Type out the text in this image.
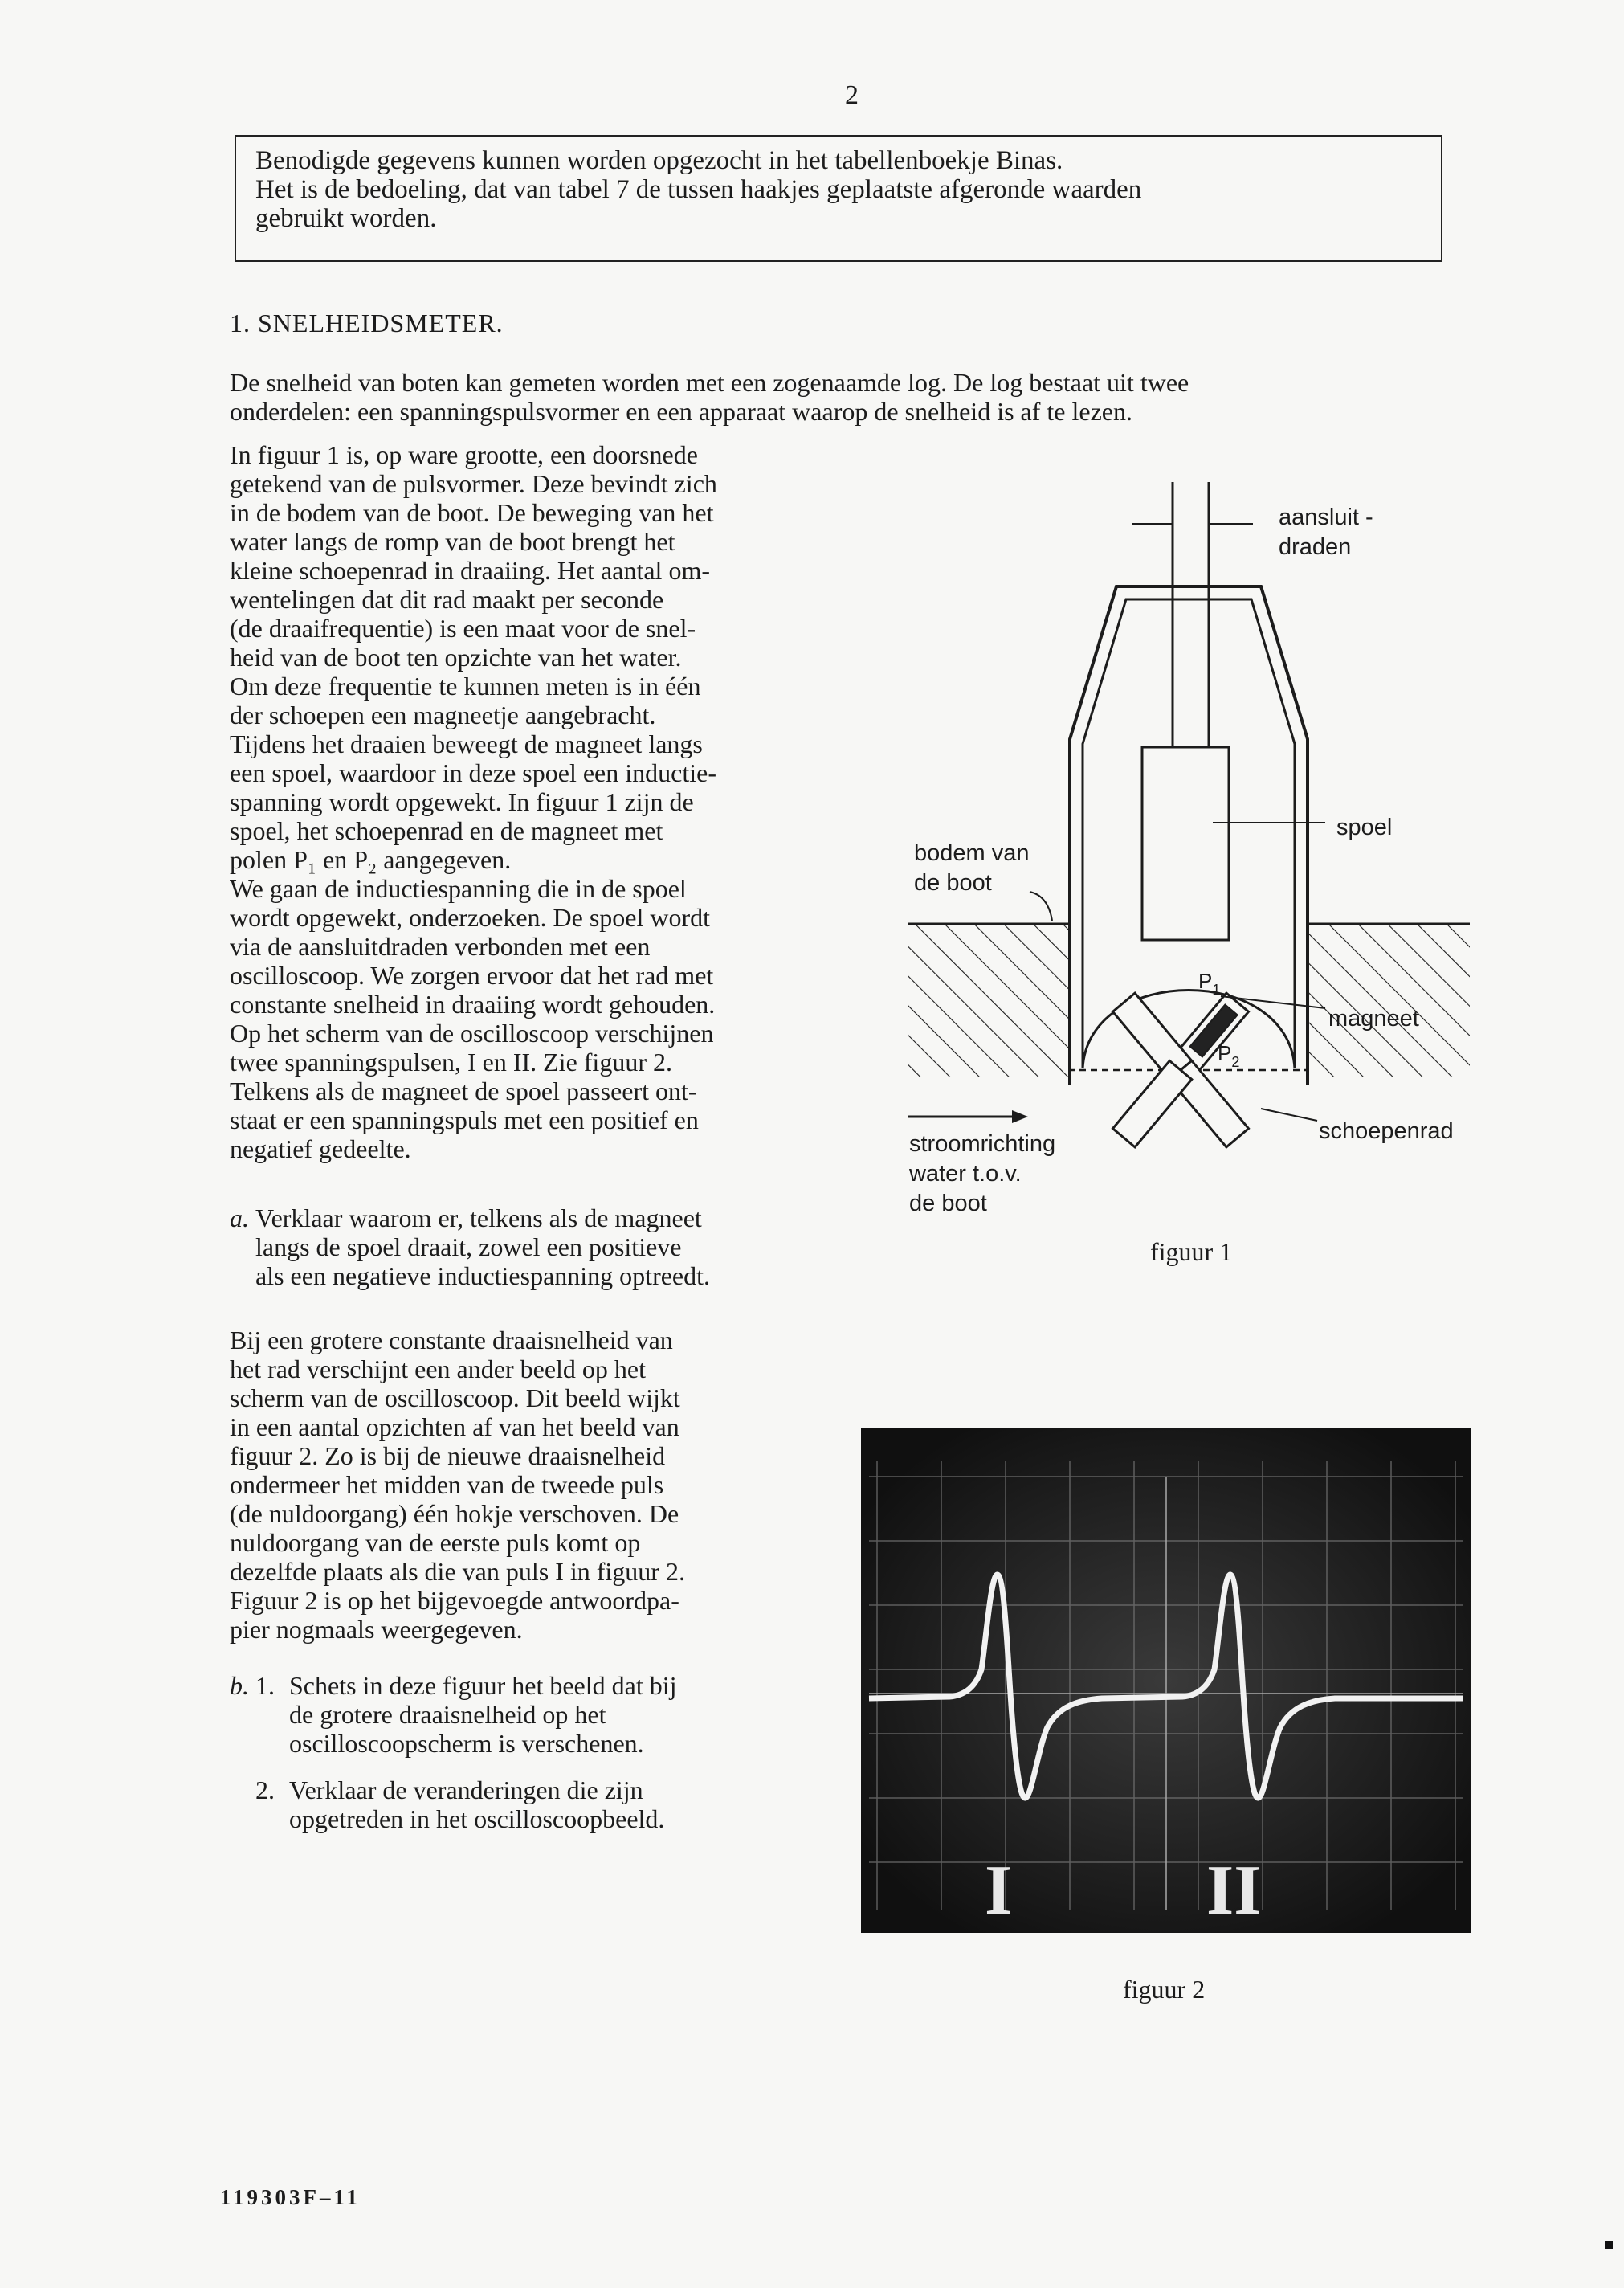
2

Benodigde gegevens kunnen worden opgezocht in het tabellenboekje Binas.

Het is de bedoeling, dat van tabel 7 de tussen haakjes geplaatste afgeronde waarden

gebruikt worden.

1. SNELHEIDSMETER.

De snelheid van boten kan gemeten worden met een zogenaamde log. De log bestaat uit twee

onderdelen: een spanningspulsvormer en een apparaat waarop de snelheid is af te lezen.

In figuur 1 is, op ware grootte, een doorsnede

getekend van de pulsvormer. Deze bevindt zich

in de bodem van de boot. De beweging van het

water langs de romp van de boot brengt het

kleine schoepenrad in draaiing. Het aantal om-

wentelingen dat dit rad maakt per seconde

(de draaifrequentie) is een maat voor de snel-

heid van de boot ten opzichte van het water.

Om deze frequentie te kunnen meten is in één

der schoepen een magneetje aangebracht.

Tijdens het draaien beweegt de magneet langs

een spoel, waardoor in deze spoel een inductie-

spanning wordt opgewekt. In figuur 1 zijn de

spoel, het schoepenrad en de magneet met

polen P₁ en P₂ aangegeven.

We gaan de inductiespanning die in de spoel

wordt opgewekt, onderzoeken. De spoel wordt

via de aansluitdraden verbonden met een

oscilloscoop. We zorgen ervoor dat het rad met

constante snelheid in draaiing wordt gehouden.

Op het scherm van de oscilloscoop verschijnen

twee spanningspulsen, I en II. Zie figuur 2.

Telkens als de magneet de spoel passeert ont-

staat er een spanningspuls met een positief en

negatief gedeelte.

a. Verklaar waarom er, telkens als de magneet

langs de spoel draait, zowel een positieve

als een negatieve inductiespanning optreedt.

Bij een grotere constante draaisnelheid van

het rad verschijnt een ander beeld op het

scherm van de oscilloscoop. Dit beeld wijkt

in een aantal opzichten af van het beeld van

figuur 2. Zo is bij de nieuwe draaisnelheid

ondermeer het midden van de tweede puls

(de nuldoorgang) één hokje verschoven. De

nuldoorgang van de eerste puls komt op

dezelfde plaats als die van puls I in figuur 2.

Figuur 2 is op het bijgevoegde antwoordpa-

pier nogmaals weergegeven.

b. 1. Schets in deze figuur het beeld dat bij

de grotere draaisnelheid op het

oscilloscoopscherm is verschenen.

2. Verklaar de veranderingen die zijn

opgetreden in het oscilloscoopbeeld.

$P_1$
$P_2$
aansluit -
draden
spoel
bodem van
de boot
magneet
schoepenrad
stroomrichting
water t.o.v.
de boot
figuur 1
I	II
figuur 2
119303F–11
